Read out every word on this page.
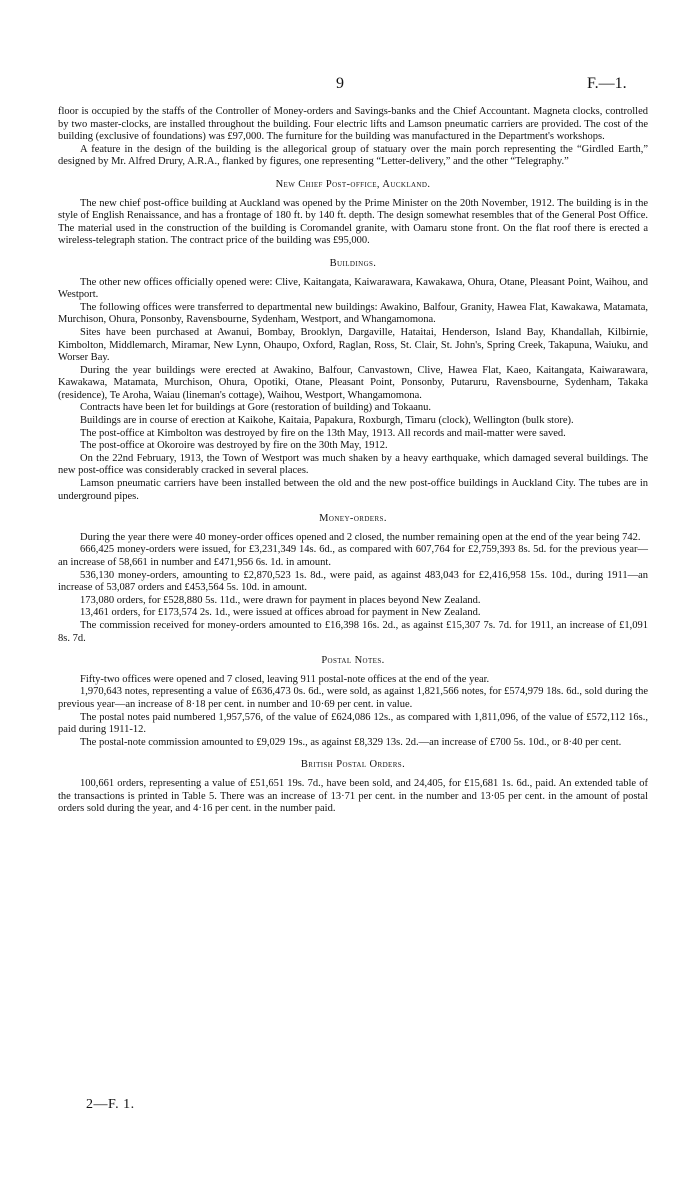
9	F.—1.

floor is occupied by the staffs of the Controller of Money-orders and Savings-banks and the Chief Accountant. Magneta clocks, controlled by two master-clocks, are installed throughout the building. Four electric lifts and Lamson pneumatic carriers are provided. The cost of the building (exclusive of foundations) was £97,000. The furniture for the building was manufactured in the Department's workshops.

A feature in the design of the building is the allegorical group of statuary over the main porch representing the “Girdled Earth,” designed by Mr. Alfred Drury, A.R.A., flanked by figures, one representing “Letter-delivery,” and the other “Telegraphy.”

New Chief Post-office, Auckland.

The new chief post-office building at Auckland was opened by the Prime Minister on the 20th November, 1912. The building is in the style of English Renaissance, and has a frontage of 180 ft. by 140 ft. depth. The design somewhat resembles that of the General Post Office. The material used in the construction of the building is Coromandel granite, with Oamaru stone front. On the flat roof there is erected a wireless-telegraph station. The contract price of the building was £95,000.

Buildings.

The other new offices officially opened were: Clive, Kaitangata, Kaiwarawara, Kawakawa, Ohura, Otane, Pleasant Point, Waihou, and Westport.

The following offices were transferred to departmental new buildings: Awakino, Balfour, Granity, Hawea Flat, Kawakawa, Matamata, Murchison, Ohura, Ponsonby, Ravensbourne, Sydenham, Westport, and Whangamomona.

Sites have been purchased at Awanui, Bombay, Brooklyn, Dargaville, Hataitai, Henderson, Island Bay, Khandallah, Kilbirnie, Kimbolton, Middlemarch, Miramar, New Lynn, Ohaupo, Oxford, Raglan, Ross, St. Clair, St. John's, Spring Creek, Takapuna, Waiuku, and Worser Bay.

During the year buildings were erected at Awakino, Balfour, Canvastown, Clive, Hawea Flat, Kaeo, Kaitangata, Kaiwarawara, Kawakawa, Matamata, Murchison, Ohura, Opotiki, Otane, Pleasant Point, Ponsonby, Putaruru, Ravensbourne, Sydenham, Takaka (residence), Te Aroha, Waiau (lineman's cottage), Waihou, Westport, Whangamomona.

Contracts have been let for buildings at Gore (restoration of building) and Tokaanu.

Buildings are in course of erection at Kaikohe, Kaitaia, Papakura, Roxburgh, Timaru (clock), Wellington (bulk store).

The post-office at Kimbolton was destroyed by fire on the 13th May, 1913. All records and mail-matter were saved.

The post-office at Okoroire was destroyed by fire on the 30th May, 1912.

On the 22nd February, 1913, the Town of Westport was much shaken by a heavy earthquake, which damaged several buildings. The new post-office was considerably cracked in several places.

Lamson pneumatic carriers have been installed between the old and the new post-office buildings in Auckland City. The tubes are in underground pipes.

Money-orders.

During the year there were 40 money-order offices opened and 2 closed, the number remaining open at the end of the year being 742.

666,425 money-orders were issued, for £3,231,349 14s. 6d., as compared with 607,764 for £2,759,393 8s. 5d. for the previous year—an increase of 58,661 in number and £471,956 6s. 1d. in amount.

536,130 money-orders, amounting to £2,870,523 1s. 8d., were paid, as against 483,043 for £2,416,958 15s. 10d., during 1911—an increase of 53,087 orders and £453,564 5s. 10d. in amount.

173,080 orders, for £528,880 5s. 11d., were drawn for payment in places beyond New Zealand.

13,461 orders, for £173,574 2s. 1d., were issued at offices abroad for payment in New Zealand.

The commission received for money-orders amounted to £16,398 16s. 2d., as against £15,307 7s. 7d. for 1911, an increase of £1,091 8s. 7d.

Postal Notes.

Fifty-two offices were opened and 7 closed, leaving 911 postal-note offices at the end of the year.

1,970,643 notes, representing a value of £636,473 0s. 6d., were sold, as against 1,821,566 notes, for £574,979 18s. 6d., sold during the previous year—an increase of 8·18 per cent. in number and 10·69 per cent. in value.

The postal notes paid numbered 1,957,576, of the value of £624,086 12s., as compared with 1,811,096, of the value of £572,112 16s., paid during 1911-12.

The postal-note commission amounted to £9,029 19s., as against £8,329 13s. 2d.—an increase of £700 5s. 10d., or 8·40 per cent.

British Postal Orders.

100,661 orders, representing a value of £51,651 19s. 7d., have been sold, and 24,405, for £15,681 1s. 6d., paid. An extended table of the transactions is printed in Table 5. There was an increase of 13·71 per cent. in the number and 13·05 per cent. in the amount of postal orders sold during the year, and 4·16 per cent. in the number paid.

2—F. 1.
